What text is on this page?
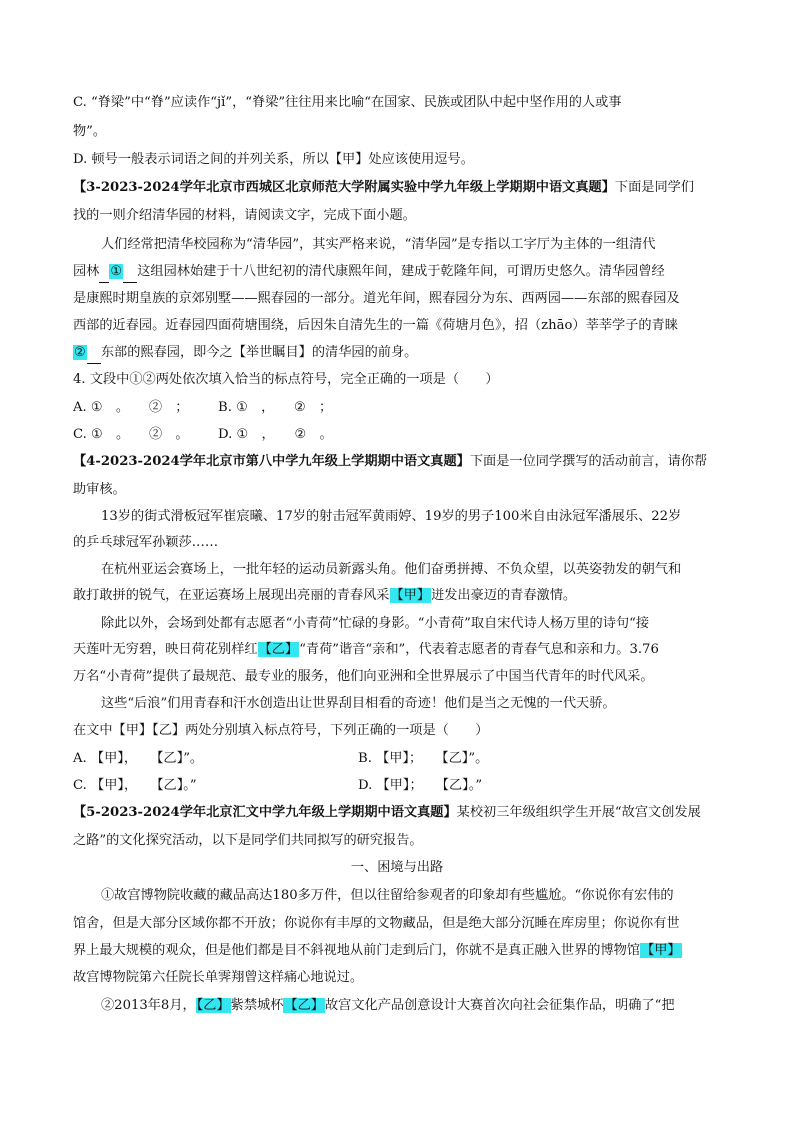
C. “脊梁”中“脊”应读作“jǐ”，“脊梁”往往用来比喻“在国家、民族或团队中起中坚作用的人或事
物”。
D. 顿号一般表示词语之间的并列关系，所以【甲】处应该使用逗号。
【3-2023-2024学年北京市西城区北京师范大学附属实验中学九年级上学期期中语文真题】下面是同学们
找的一则介绍清华园的材料，请阅读文字，完成下面小题。
人们经常把清华校园称为“清华园”，其实严格来说，“清华园”是专指以工字厅为主体的一组清代
园林 ① 这组园林始建于十八世纪初的清代康熙年间，建成于乾隆年间，可谓历史悠久。清华园曾经
是康熙时期皇族的京郊别墅——熙春园的一部分。道光年间，熙春园分为东、西两园——东部的熙春园及
西部的近春园。近春园四面荷塘围绕，后因朱自清先生的一篇《荷塘月色》，招（zhāo）莘莘学子的青睐
② 东部的熙春园，即今之【举世瞩目】的清华园的前身。
4. 文段中①②两处依次填入恰当的标点符号，完全正确的一项是（　　）
A. ①　。　　②　； B. ①　，　　②　；
C. ①　。　　②　。 D. ①　，　　②　。
【4-2023-2024学年北京市第八中学九年级上学期期中语文真题】下面是一位同学撰写的活动前言，请你帮
助审核。
13岁的街式滑板冠军崔宸曦、17岁的射击冠军黄雨婷、19岁的男子100米自由泳冠军潘展乐、22岁
的乒乓球冠军孙颖莎……
在杭州亚运会赛场上，一批年轻的运动员新露头角。他们奋勇拼搏、不负众望，以英姿勃发的朝气和
敢打敢拼的锐气，在亚运赛场上展现出亮丽的青春风采【甲】迸发出豪迈的青春激情。
除此以外，会场到处都有志愿者“小青荷”忙碌的身影。“小青荷”取自宋代诗人杨万里的诗句“接
天莲叶无穷碧，映日荷花别样红【乙】“青荷”谐音“亲和”，代表着志愿者的青春气息和亲和力。3.76
万名“小青荷”提供了最规范、最专业的服务，他们向亚洲和全世界展示了中国当代青年的时代风采。
这些“后浪”们用青春和汗水创造出让世界刮目相看的奇迹！他们是当之无愧的一代天骄。
在文中【甲】【乙】两处分别填入标点符号，下列正确的一项是（　　）
A. 【甲】，　　【乙】”。	B. 【甲】；　　【乙】”。
C. 【甲】，　　【乙】。”	D. 【甲】；　　【乙】。”
【5-2023-2024学年北京汇文中学九年级上学期期中语文真题】某校初三年级组织学生开展“故宫文创发展
之路”的文化探究活动，以下是同学们共同拟写的研究报告。
一、困境与出路
①故宫博物院收藏的藏品高达180多万件，但以往留给参观者的印象却有些尴尬。“你说你有宏伟的
馆舍，但是大部分区域你都不开放；你说你有丰厚的文物藏品，但是绝大部分沉睡在库房里；你说你有世
界上最大规模的观众，但是他们都是目不斜视地从前门走到后门，你就不是真正融入世界的博物馆【甲】
故宫博物院第六任院长单霁翔曾这样痛心地说过。
②2013年8月，【乙】紫禁城杯【乙】故宫文化产品创意设计大赛首次向社会征集作品，明确了“把
